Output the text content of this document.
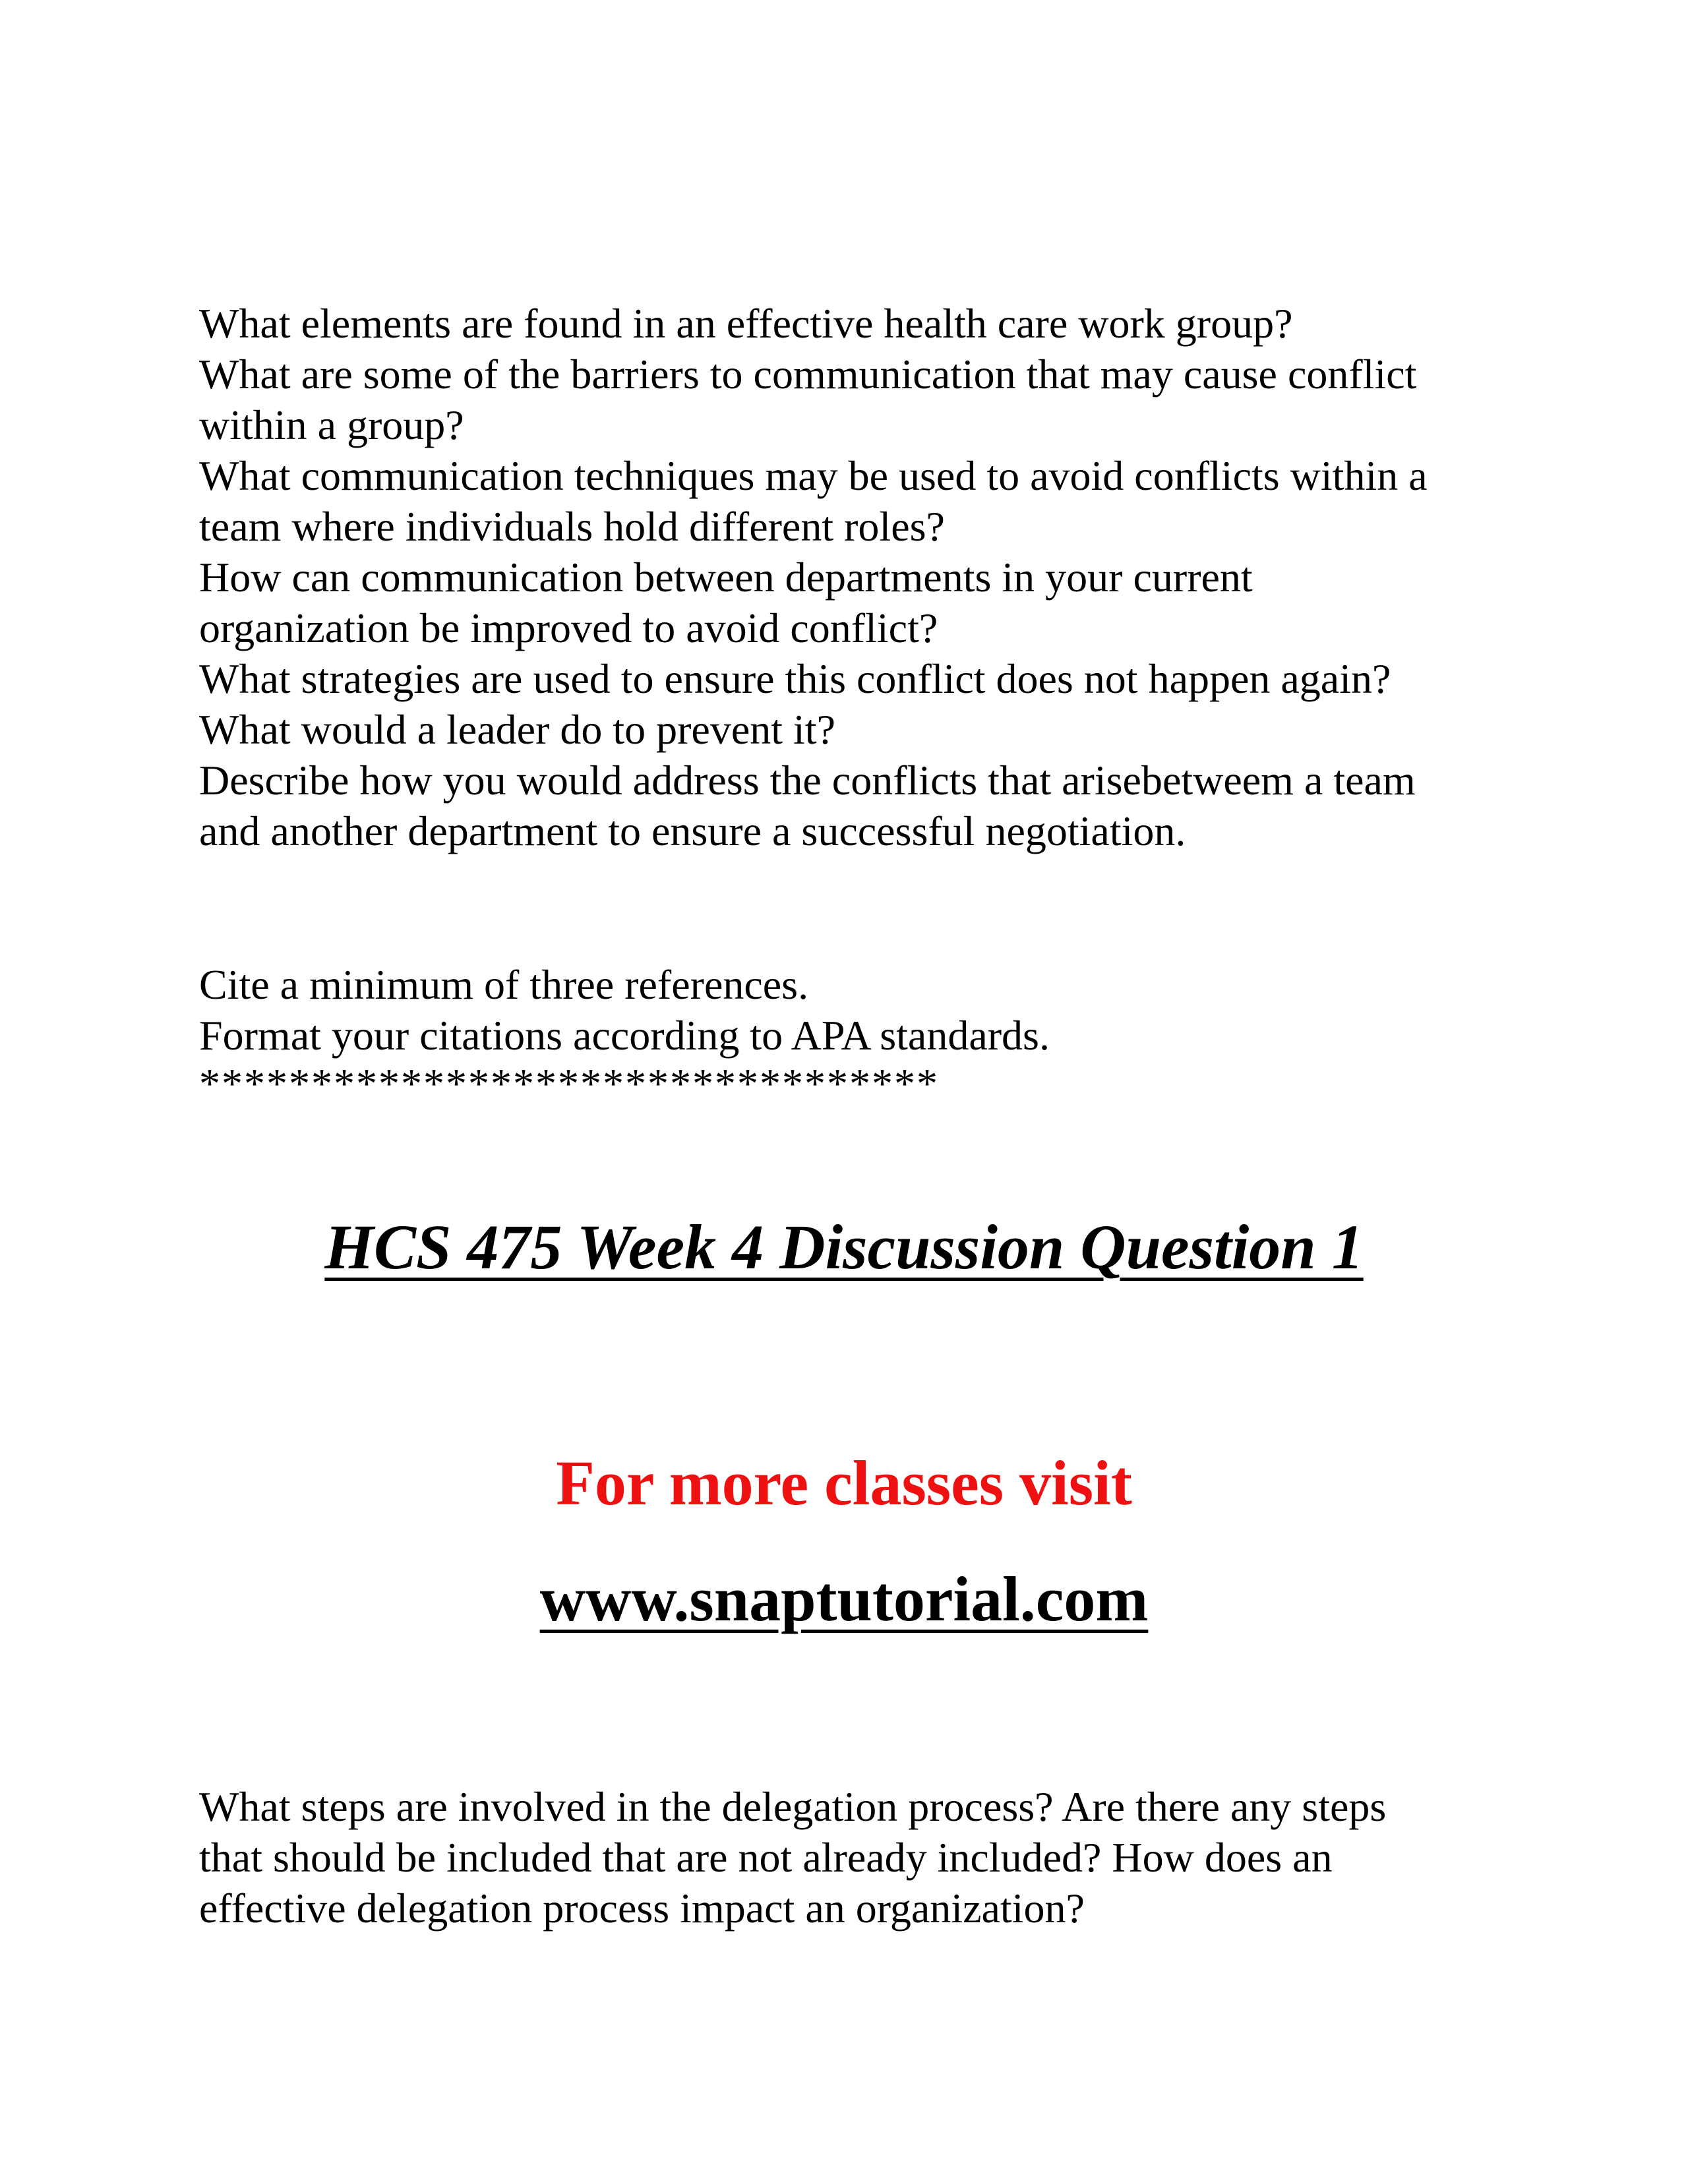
What elements are found in an effective health care work group?
What are some of the barriers to communication that may cause conflict
within a group?
What communication techniques may be used to avoid conflicts within a
team where individuals hold different roles?
How can communication between departments in your current
organization be improved to avoid conflict?
What strategies are used to ensure this conflict does not happen again?
What would a leader do to prevent it?
Describe how you would address the conflicts that arisebetweem a team
and another department to ensure a successful negotiation.
Cite a minimum of three references.
Format your citations according to APA standards.
*********************************
HCS 475 Week 4 Discussion Question 1
For more classes visit
www.snaptutorial.com
What steps are involved in the delegation process? Are there any steps
that should be included that are not already included? How does an
effective delegation process impact an organization?
